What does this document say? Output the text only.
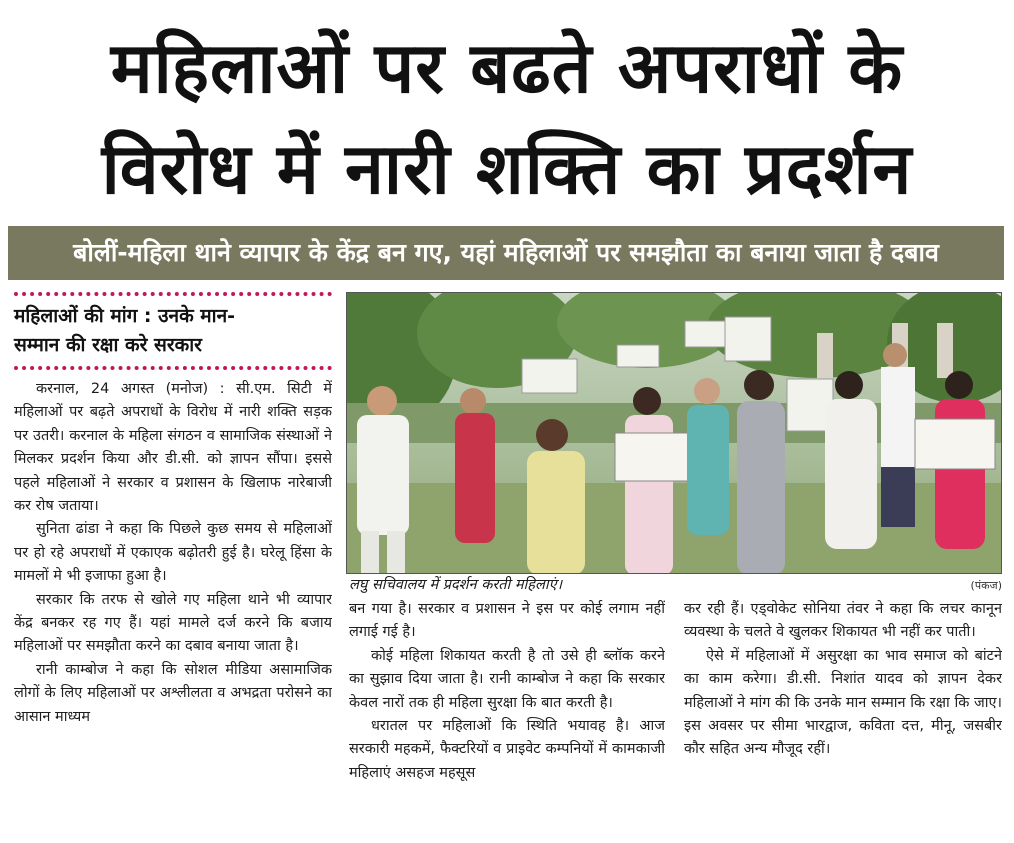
महिलाओं पर बढते अपराधों के
विरोध में नारी शक्ति का प्रदर्शन
बोलीं-महिला थाने व्यापार के केंद्र बन गए, यहां महिलाओं पर समझौता का बनाया जाता है दबाव
महिलाओं की मांग : उनके मान-
सम्मान की रक्षा करे सरकार

करनाल, 24 अगस्त (मनोज) : सी.एम. सिटी में महिलाओं पर बढ़ते अपराधों के विरोध में नारी शक्ति सड़क पर उतरी। करनाल के महिला संगठन व सामाजिक संस्थाओं ने मिलकर प्रदर्शन किया और डी.सी. को ज्ञापन सौंपा। इससे पहले महिलाओं ने सरकार व प्रशासन के खिलाफ नारेबाजी कर रोष जताया।

सुनिता ढांडा ने कहा कि पिछले कुछ समय से महिलाओं पर हो रहे अपराधों में एकाएक बढ़ोतरी हुई है। घरेलू हिंसा के मामलों मे भी इजाफा हुआ है।

सरकार कि तरफ से खोले गए महिला थाने भी व्यापार केंद्र बनकर रह गए हैं। यहां मामले दर्ज करने कि बजाय महिलाओं पर समझौता करने का दबाव बनाया जाता है।

रानी काम्बोज ने कहा कि सोशल मीडिया असामाजिक लोगों के लिए महिलाओं पर अश्लीलता व अभद्रता परोसने का आसान माध्यम

लघु सचिवालय में प्रदर्शन करती महिलाएं।	(पंकज)

बन गया है। सरकार व प्रशासन ने इस पर कोई लगाम नहीं लगाई गई है।

कोई महिला शिकायत करती है तो उसे ही ब्लॉक करने का सुझाव दिया जाता है। रानी काम्बोज ने कहा कि सरकार केवल नारों तक ही महिला सुरक्षा कि बात करती है।

धरातल पर महिलाओं कि स्थिति भयावह है। आज सरकारी महकमें, फैक्टरियों व प्राइवेट कम्पनियों में कामकाजी महिलाएं असहज महसूस

कर रही हैं। एड्वोकेट सोनिया तंवर ने कहा कि लचर कानून व्यवस्था के चलते वे खुलकर शिकायत भी नहीं कर पाती।

ऐसे में महिलाओं में असुरक्षा का भाव समाज को बांटने का काम करेगा। डी.सी. निशांत यादव को ज्ञापन देकर महिलाओं ने मांग की कि उनके मान सम्मान कि रक्षा कि जाए। इस अवसर पर सीमा भारद्वाज, कविता दत्त, मीनू, जसबीर कौर सहित अन्य मौजूद रहीं।
